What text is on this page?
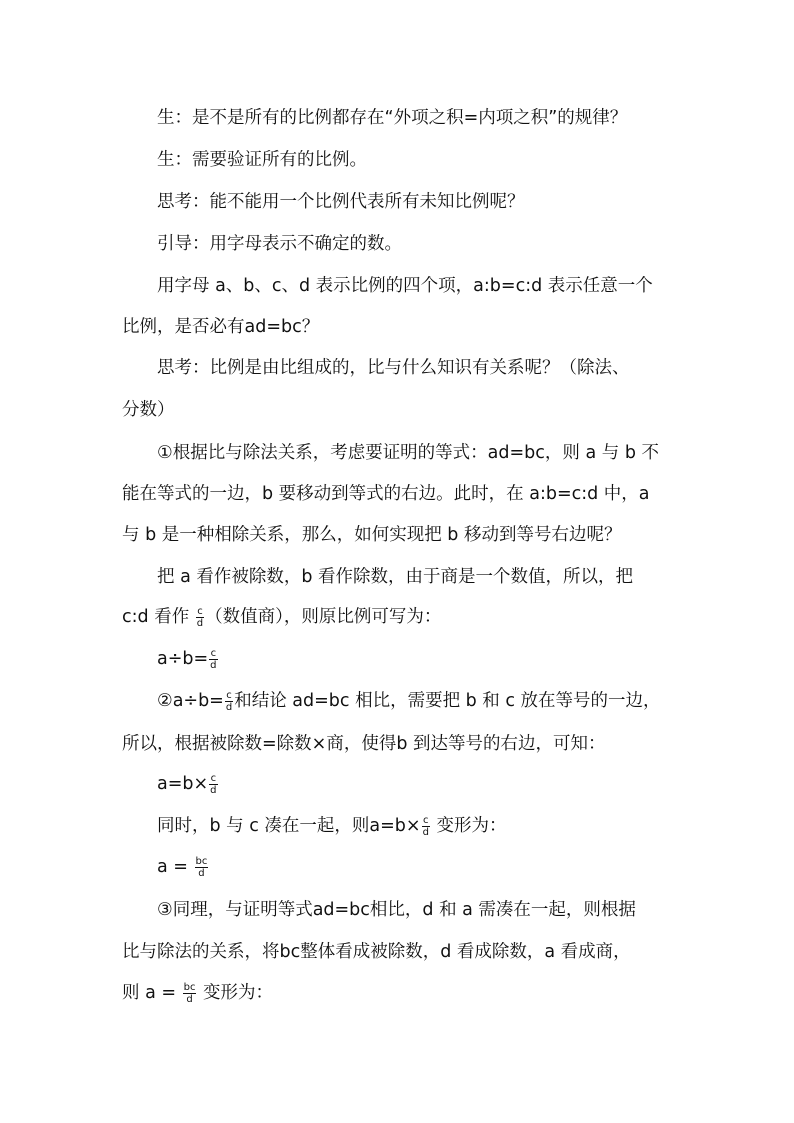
生：是不是所有的比例都存在“外项之积=内项之积”的规律？
生：需要验证所有的比例。
思考：能不能用一个比例代表所有未知比例呢？
引导：用字母表示不确定的数。
用字母 a、b、c、d 表示比例的四个项，a:b=c:d 表示任意一个
比例，是否必有ad=bc？
思考：比例是由比组成的，比与什么知识有关系呢？（除法、
分数）
①根据比与除法关系，考虑要证明的等式：ad=bc，则 a 与 b 不
能在等式的一边，b 要移动到等式的右边。此时，在 a:b=c:d 中，a
与 b 是一种相除关系，那么，如何实现把 b 移动到等号右边呢？
把 a 看作被除数，b 看作除数，由于商是一个数值，所以，把
c:d 看作 $\frac{c}{d}$ （数值商），则原比例可写为：
$a\div b= \frac{c}{d}$
②a÷b= $\frac{c}{d}$ 和结论 ad=bc 相比，需要把 b 和 c 放在等号的一边，
所以，根据被除数=除数×商，使得b 到达等号的右边，可知：
$a=b\times \frac{c}{d}$
同时，b 与 c 凑在一起，则$a=b\times \frac{c}{d}$ 变形为：
$a = \frac{bc}{d}$
③同理，与证明等式ad=bc相比，d 和 a 需凑在一起，则根据
比与除法的关系，将bc整体看成被除数，d 看成除数，a 看成商，
则 $a = \frac{bc}{d}$ 变形为：
